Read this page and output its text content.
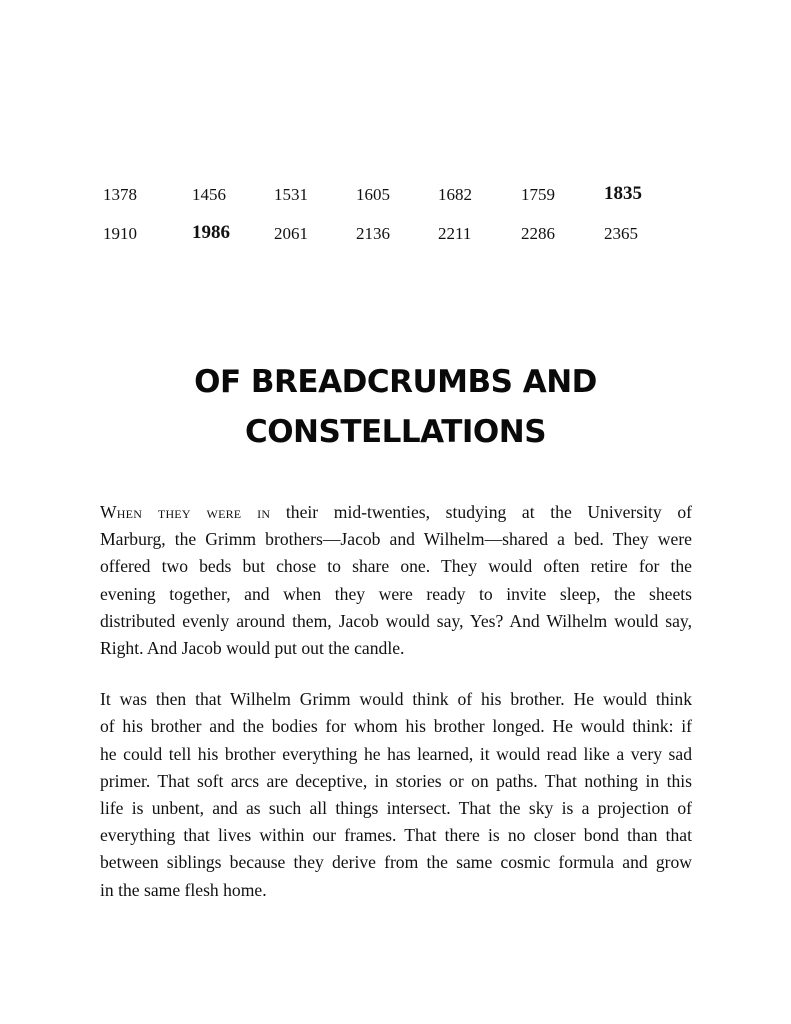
1378	1456	1531	1605	1682	1759	1835
1910	1986	2061	2136	2211	2286	2365
OF BREADCRUMBS AND
CONSTELLATIONS

When they were in their mid-twenties, studying at the University of
Marburg, the Grimm brothers—Jacob and Wilhelm—shared a bed. They were
offered two beds but chose to share one. They would often retire for the
evening together, and when they were ready to invite sleep, the sheets
distributed evenly around them, Jacob would say, Yes? And Wilhelm would say,
Right. And Jacob would put out the candle.

It was then that Wilhelm Grimm would think of his brother. He would think
of his brother and the bodies for whom his brother longed. He would think: if
he could tell his brother everything he has learned, it would read like a very sad
primer. That soft arcs are deceptive, in stories or on paths. That nothing in this
life is unbent, and as such all things intersect. That the sky is a projection of
everything that lives within our frames. That there is no closer bond than that
between siblings because they derive from the same cosmic formula and grow
in the same flesh home.
